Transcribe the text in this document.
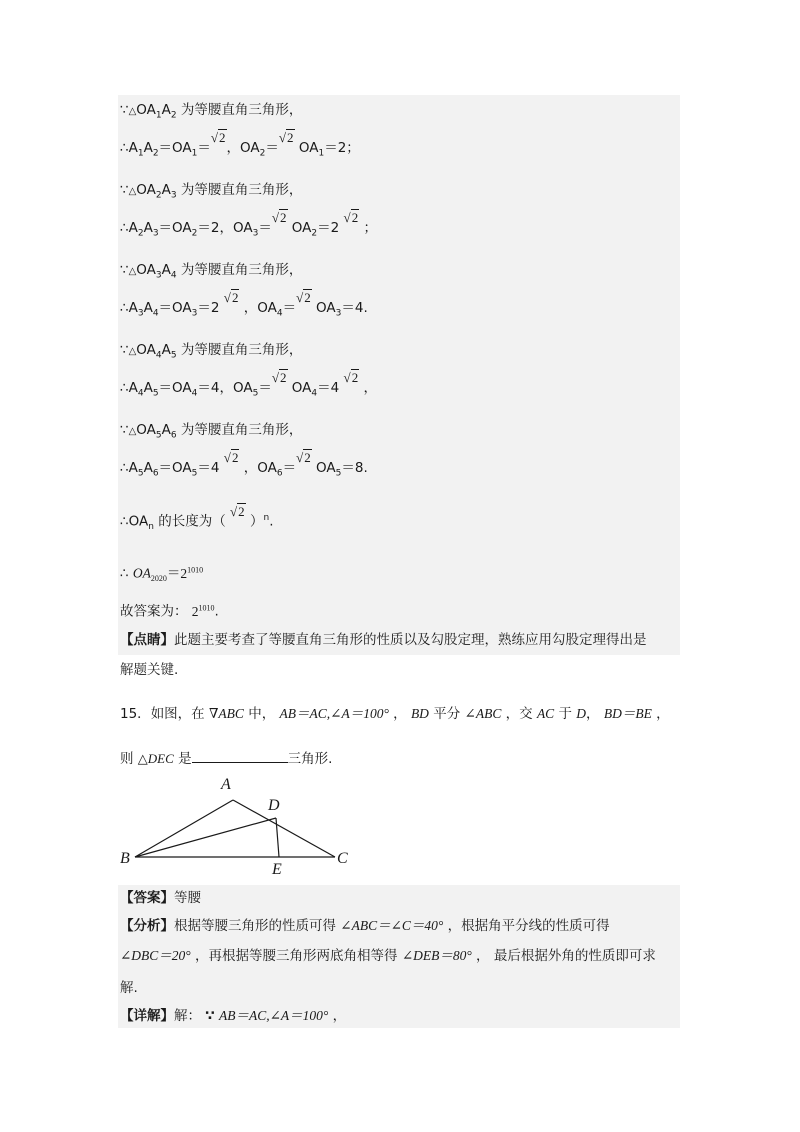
$\because\triangle OA_1A_2$ 为等腰直角三角形，
$\therefore A_1A_2=OA_1=√2$，$OA_2=√2$ $OA_1=2$；
$\because\triangle OA_2A_3$ 为等腰直角三角形，
$\therefore A_2A_3=OA_2=2$，$OA_3=√2$ $OA_2=2$ √2 ；
$\because\triangle OA_3A_4$ 为等腰直角三角形，
$\therefore A_3A_4=OA_3=2$ √2 ，$OA_4=√2$ $OA_3=4$.
$\because\triangle OA_4A_5$ 为等腰直角三角形，
$\therefore A_4A_5=OA_4=4$，$OA_5=√2$ $OA_4=4$ √2 ，
$\because\triangle OA_5A_6$ 为等腰直角三角形，
$\therefore A_5A_6=OA_5=4$ √2 ，$OA_6=√2$ $OA_5=8$.
$\therefore OA_n$ 的长度为（ √2 ）$^n$.
∴ $OA_{2020}=2^{1010}$
故答案为： $2^{1010}$.
【点睛】此题主要考查了等腰直角三角形的性质以及勾股定理，熟练应用勾股定理得出是
解题关键.
15．如图，在 ∇ABC 中， AB＝AC,∠A＝100° ， BD 平分 ∠ABC ，交 AC 于 D， BD＝BE ，
则 △DEC 是	三角形.
A
B	C
D
E
【答案】等腰
【分析】根据等腰三角形的性质可得 ∠ABC＝∠C＝40° ，根据角平分线的性质可得
∠DBC＝20° ，再根据等腰三角形两底角相等得 ∠DEB＝80° ， 最后根据外角的性质即可求
解.
【详解】解： ∵ AB＝AC,∠A＝100° ，
